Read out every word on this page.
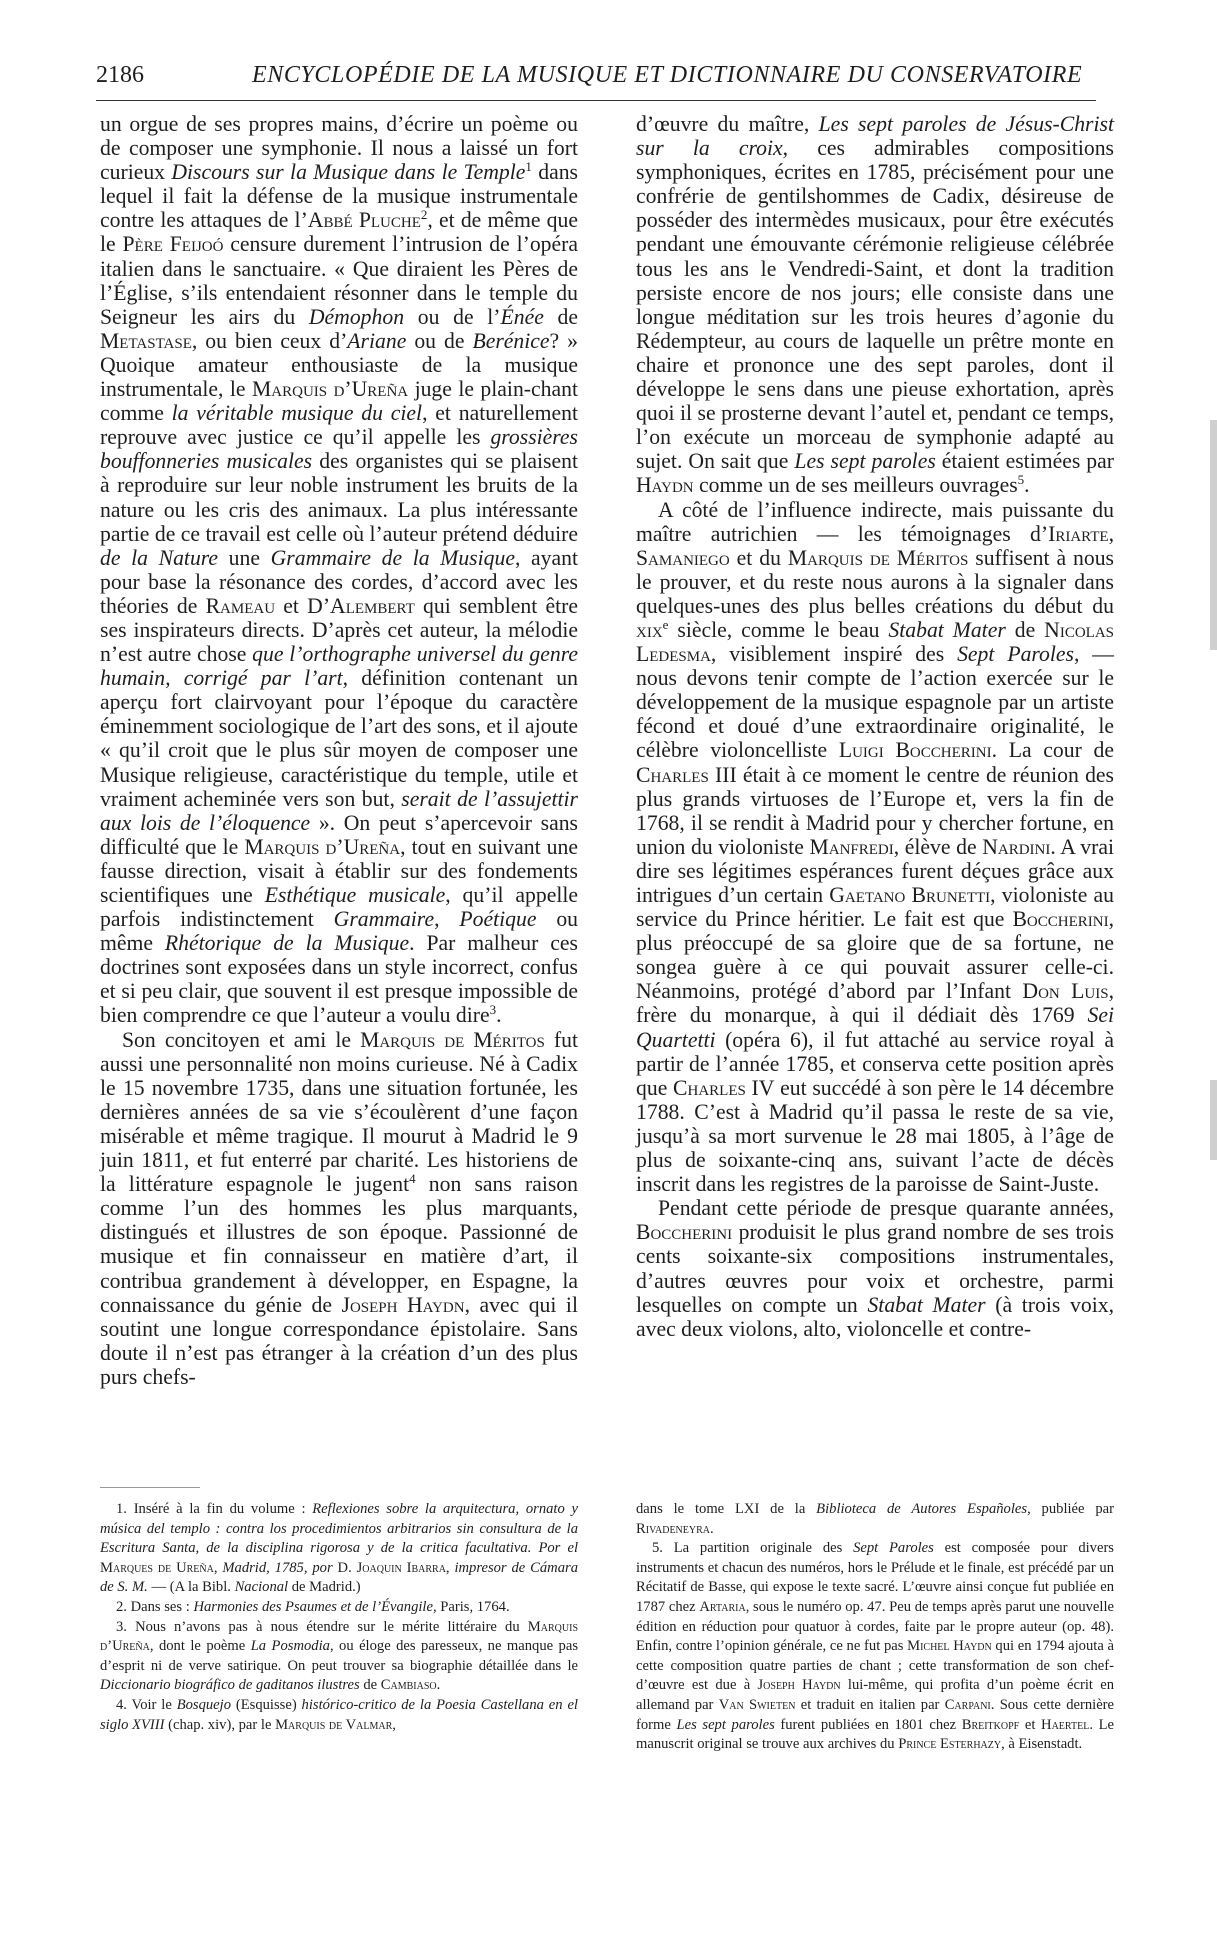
2186	ENCYCLOPÉDIE DE LA MUSIQUE ET DICTIONNAIRE DU CONSERVATOIRE

un orgue de ses propres mains, d’écrire un poème ou de composer une symphonie. Il nous a laissé un fort curieux Discours sur la Musique dans le Temple$^1$ dans lequel il fait la défense de la musique instrumentale contre les attaques de l’Abbé Pluche$^2$, et de même que le Père Feijoó censure durement l’intrusion de l’opéra italien dans le sanctuaire. « Que diraient les Pères de l’Église, s’ils entendaient résonner dans le temple du Seigneur les airs du Démophon ou de l’Énée de Metastase, ou bien ceux d’Ariane ou de Berénice? » Quoique amateur enthousiaste de la musique instrumentale, le Marquis d’Ureña juge le plain-chant comme la véritable musique du ciel, et naturellement reprouve avec justice ce qu’il appelle les grossières bouffonneries musicales des organistes qui se plaisent à reproduire sur leur noble instrument les bruits de la nature ou les cris des animaux. La plus intéressante partie de ce travail est celle où l’auteur prétend déduire de la Nature une Grammaire de la Musique, ayant pour base la résonance des cordes, d’accord avec les théories de Rameau et D’Alembert qui semblent être ses inspirateurs directs. D’après cet auteur, la mélodie n’est autre chose que l’orthographe universel du genre humain, corrigé par l’art, définition contenant un aperçu fort clairvoyant pour l’époque du caractère éminemment sociologique de l’art des sons, et il ajoute « qu’il croit que le plus sûr moyen de composer une Musique religieuse, caractéristique du temple, utile et vraiment acheminée vers son but, serait de l’assujettir aux lois de l’éloquence ». On peut s’apercevoir sans difficulté que le Marquis d’Ureña, tout en suivant une fausse direction, visait à établir sur des fondements scientifiques une Esthétique musicale, qu’il appelle parfois indistinctement Grammaire, Poétique ou même Rhétorique de la Musique. Par malheur ces doctrines sont exposées dans un style incorrect, confus et si peu clair, que souvent il est presque impossible de bien comprendre ce que l’auteur a voulu dire$^3$.

Son concitoyen et ami le Marquis de Méritos fut aussi une personnalité non moins curieuse. Né à Cadix le 15 novembre 1735, dans une situation fortunée, les dernières années de sa vie s’écoulèrent d’une façon misérable et même tragique. Il mourut à Madrid le 9 juin 1811, et fut enterré par charité. Les historiens de la littérature espagnole le jugent$^4$ non sans raison comme l’un des hommes les plus marquants, distingués et illustres de son époque. Passionné de musique et fin connaisseur en matière d’art, il contribua grandement à développer, en Espagne, la connaissance du génie de Joseph Haydn, avec qui il soutint une longue correspondance épistolaire. Sans doute il n’est pas étranger à la création d’un des plus purs chefs-

d’œuvre du maître, Les sept paroles de Jésus-Christ sur la croix, ces admirables compositions symphoniques, écrites en 1785, précisément pour une confrérie de gentilshommes de Cadix, désireuse de posséder des intermèdes musicaux, pour être exécutés pendant une émouvante cérémonie religieuse célébrée tous les ans le Vendredi-Saint, et dont la tradition persiste encore de nos jours; elle consiste dans une longue méditation sur les trois heures d’agonie du Rédempteur, au cours de laquelle un prêtre monte en chaire et prononce une des sept paroles, dont il développe le sens dans une pieuse exhortation, après quoi il se prosterne devant l’autel et, pendant ce temps, l’on exécute un morceau de symphonie adapté au sujet. On sait que Les sept paroles étaient estimées par Haydn comme un de ses meilleurs ouvrages$^5$.

A côté de l’influence indirecte, mais puissante du maître autrichien — les témoignages d’Iriarte, Samaniego et du Marquis de Méritos suffisent à nous le prouver, et du reste nous aurons à la signaler dans quelques-unes des plus belles créations du début du xix$^e$ siècle, comme le beau Stabat Mater de Nicolas Ledesma, visiblement inspiré des Sept Paroles, — nous devons tenir compte de l’action exercée sur le développement de la musique espagnole par un artiste fécond et doué d’une extraordinaire originalité, le célèbre violoncelliste Luigi Boccherini. La cour de Charles III était à ce moment le centre de réunion des plus grands virtuoses de l’Europe et, vers la fin de 1768, il se rendit à Madrid pour y chercher fortune, en union du violoniste Manfredi, élève de Nardini. A vrai dire ses légitimes espérances furent déçues grâce aux intrigues d’un certain Gaetano Brunetti, violoniste au service du Prince héritier. Le fait est que Boccherini, plus préoccupé de sa gloire que de sa fortune, ne songea guère à ce qui pouvait assurer celle-ci. Néanmoins, protégé d’abord par l’Infant Don Luis, frère du monarque, à qui il dédiait dès 1769 Sei Quartetti (opéra 6), il fut attaché au service royal à partir de l’année 1785, et conserva cette position après que Charles IV eut succédé à son père le 14 décembre 1788. C’est à Madrid qu’il passa le reste de sa vie, jusqu’à sa mort survenue le 28 mai 1805, à l’âge de plus de soixante-cinq ans, suivant l’acte de décès inscrit dans les registres de la paroisse de Saint-Juste.

Pendant cette période de presque quarante années, Boccherini produisit le plus grand nombre de ses trois cents soixante-six compositions instrumentales, d’autres œuvres pour voix et orchestre, parmi lesquelles on compte un Stabat Mater (à trois voix, avec deux violons, alto, violoncelle et contre-

1. Inséré à la fin du volume : Reflexiones sobre la arquitectura, ornato y música del templo : contra los procedimientos arbitrarios sin consultura de la Escritura Santa, de la disciplina rigorosa y de la critica facultativa. Por el Marques de Ureña, Madrid, 1785, por D. Joaquin Ibarra, impresor de Cámara de S. M. — (A la Bibl. Nacional de Madrid.)

2. Dans ses : Harmonies des Psaumes et de l’Évangile, Paris, 1764.

3. Nous n’avons pas à nous étendre sur le mérite littéraire du Marquis d’Ureña, dont le poème La Posmodia, ou éloge des paresseux, ne manque pas d’esprit ni de verve satirique. On peut trouver sa biographie détaillée dans le Diccionario biográfico de gaditanos ilustres de Cambiaso.

4. Voir le Bosquejo (Esquisse) histórico-critico de la Poesia Castellana en el siglo XVIII (chap. xiv), par le Marquis de Valmar,

dans le tome LXI de la Biblioteca de Autores Españoles, publiée par Rivadeneyra.

5. La partition originale des Sept Paroles est composée pour divers instruments et chacun des numéros, hors le Prélude et le finale, est précédé par un Récitatif de Basse, qui expose le texte sacré. L’œuvre ainsi conçue fut publiée en 1787 chez Artaria, sous le numéro op. 47. Peu de temps après parut une nouvelle édition en réduction pour quatuor à cordes, faite par le propre auteur (op. 48). Enfin, contre l’opinion générale, ce ne fut pas Michel Haydn qui en 1794 ajouta à cette composition quatre parties de chant ; cette transformation de son chef-d’œuvre est due à Joseph Haydn lui-même, qui profita d’un poème écrit en allemand par Van Swieten et traduit en italien par Carpani. Sous cette dernière forme Les sept paroles furent publiées en 1801 chez Breitkopf et Haertel. Le manuscrit original se trouve aux archives du Prince Esterhazy, à Eisenstadt.
